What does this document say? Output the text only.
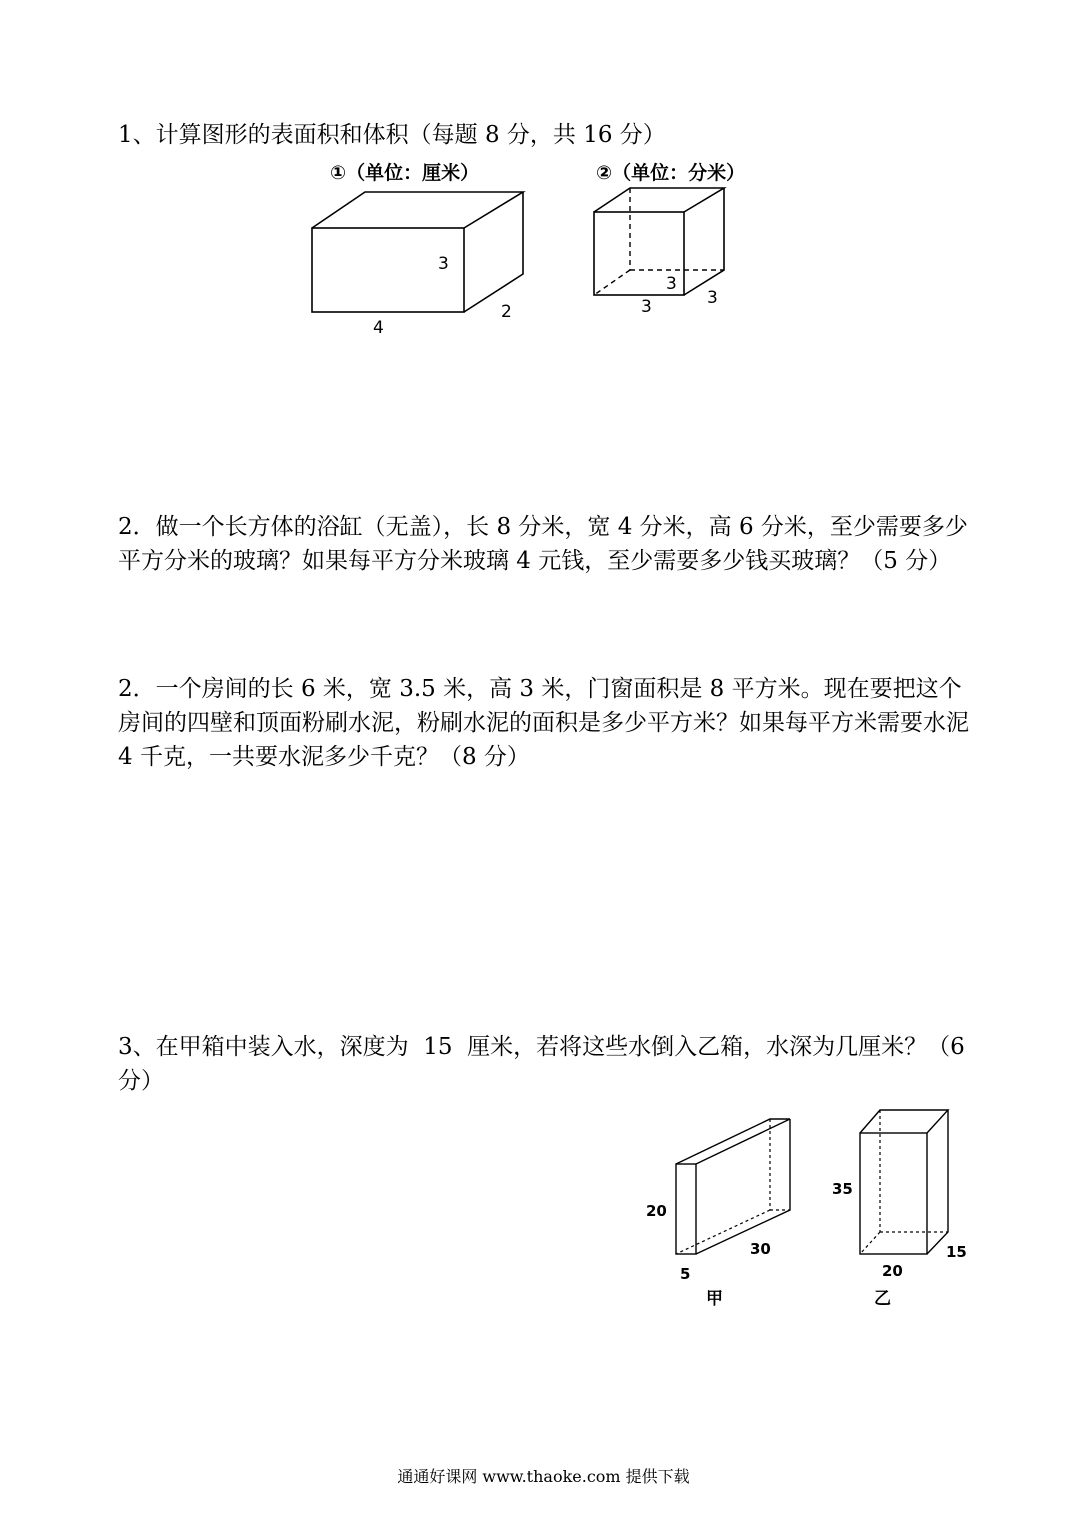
1、计算图形的表面积和体积（每题 8 分，共 16 分）

①（单位：厘米）	②（单位：分米）
3
2
4
3
3
3

2．做一个长方体的浴缸（无盖），长 8 分米，宽 4 分米，高 6 分米，至少需要多少平方分米的玻璃？如果每平方分米玻璃 4 元钱，至少需要多少钱买玻璃？（5 分）

2．一个房间的长 6 米，宽 3.5 米，高 3 米，门窗面积是 8 平方米。现在要把这个房间的四壁和顶面粉刷水泥，粉刷水泥的面积是多少平方米？如果每平方米需要水泥 4 千克，一共要水泥多少千克？（8 分）

3、在甲箱中装入水，深度为  15  厘米，若将这些水倒入乙箱，水深为几厘米？（6 分）

20
30
5
甲
35
15
20
乙
通通好课网 www.thaoke.com 提供下载
